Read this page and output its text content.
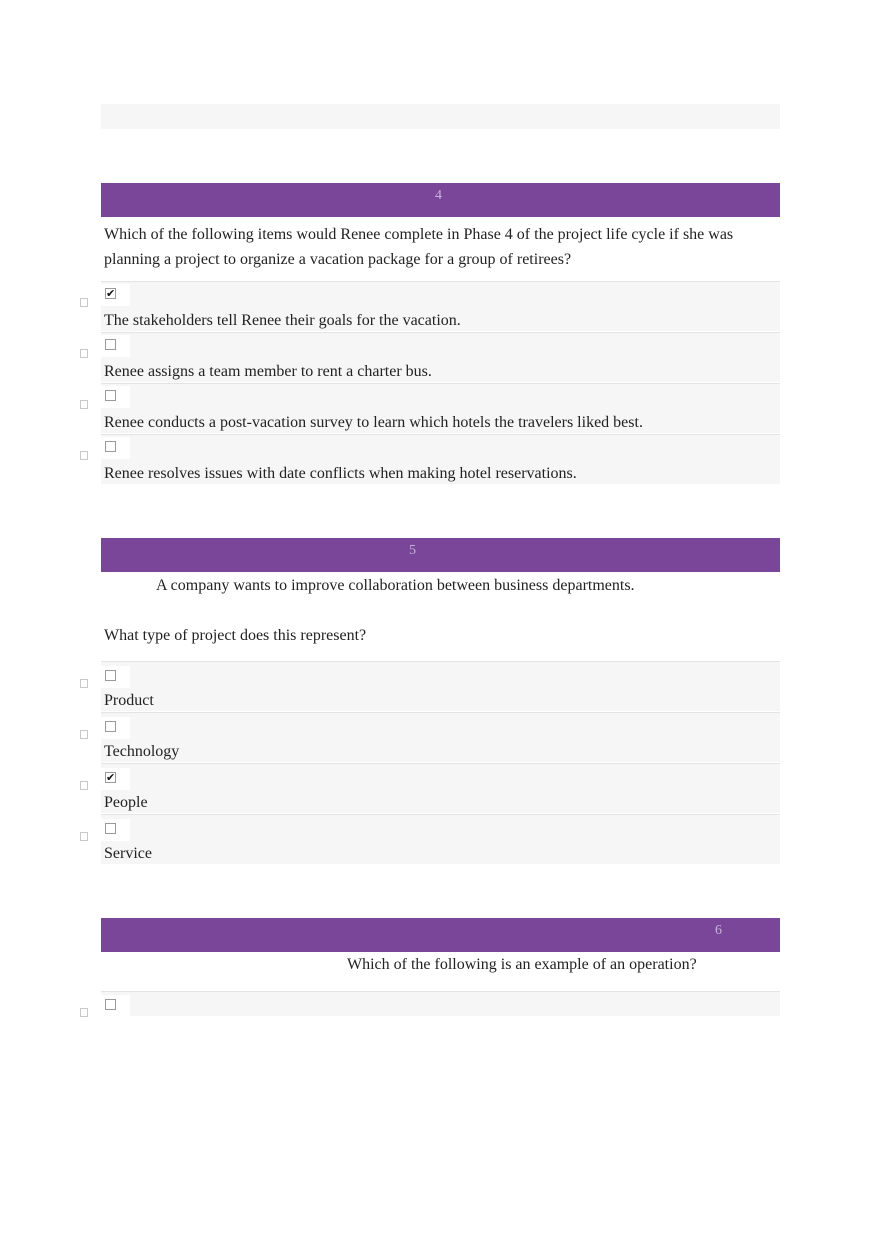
4
Which of the following items would Renee complete in Phase 4 of the project life cycle if she was planning a project to organize a vacation package for a group of retirees?
✔
The stakeholders tell Renee their goals for the vacation.
Renee assigns a team member to rent a charter bus.
Renee conducts a post-vacation survey to learn which hotels the travelers liked best.
Renee resolves issues with date conflicts when making hotel reservations.
5
A company wants to improve collaboration between business departments.
What type of project does this represent?
Product
Technology
✔
People
Service
6
Which of the following is an example of an operation?
